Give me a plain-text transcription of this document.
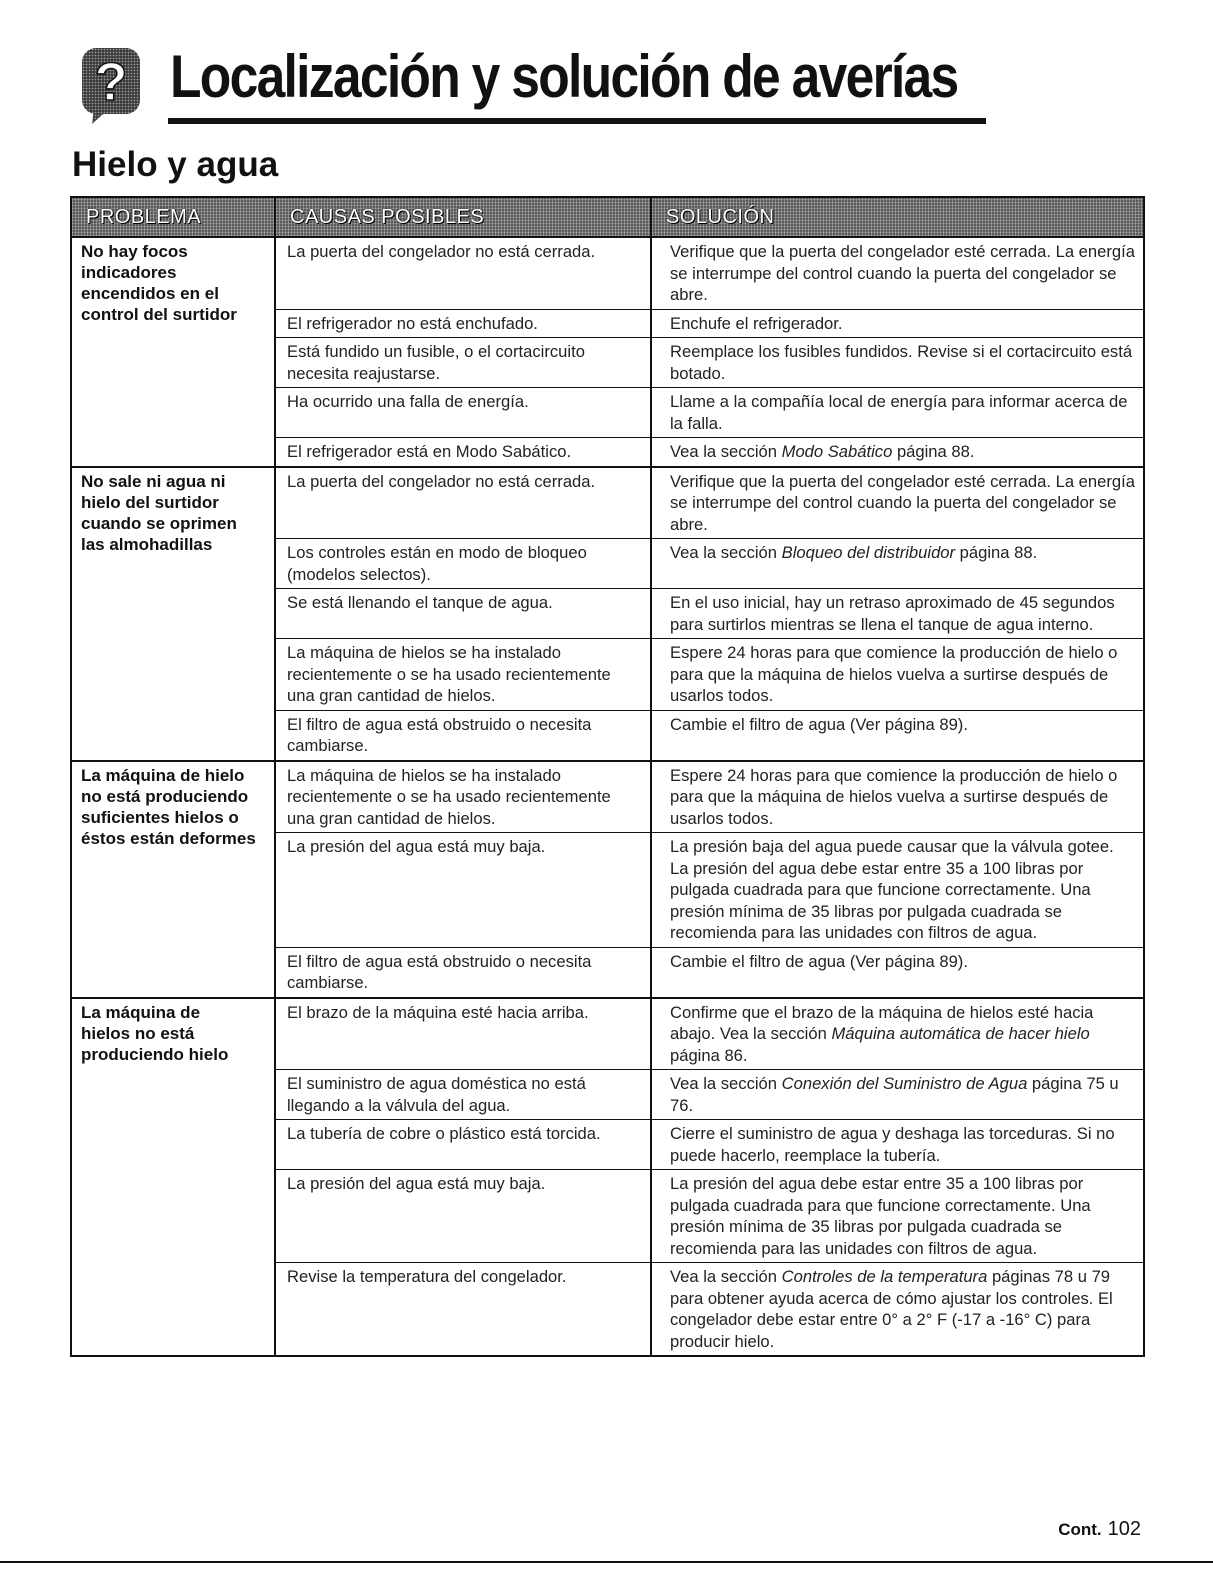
? Localización y solución de averías
Hielo y agua
PROBLEMA	CAUSAS POSIBLES	SOLUCIÓN
No hay focos
indicadores
encendidos en el
control del surtidor	La puerta del congelador no está cerrada.	Verifique que la puerta del congelador esté cerrada. La energía se interrumpe del control cuando la puerta del congelador se abre.
	El refrigerador no está enchufado.	Enchufe el refrigerador.
	Está fundido un fusible, o el cortacircuito necesita reajustarse.	Reemplace los fusibles fundidos. Revise si el cortacircuito está botado.
	Ha ocurrido una falla de energía.	Llame a la compañía local de energía para informar acerca de la falla.
	El refrigerador está en Modo Sabático.	Vea la sección Modo Sabático página 88.
No sale ni agua ni
hielo del surtidor
cuando se oprimen
las almohadillas	La puerta del congelador no está cerrada.	Verifique que la puerta del congelador esté cerrada. La energía se interrumpe del control cuando la puerta del congelador se abre.
	Los controles están en modo de bloqueo (modelos selectos).	Vea la sección Bloqueo del distribuidor página 88.
	Se está llenando el tanque de agua.	En el uso inicial, hay un retraso aproximado de 45 segundos para surtirlos mientras se llena el tanque de agua interno.
	La máquina de hielos se ha instalado recientemente o se ha usado recientemente una gran cantidad de hielos.	Espere 24 horas para que comience la producción de hielo o para que la máquina de hielos vuelva a surtirse después de usarlos todos.
	El filtro de agua está obstruido o necesita cambiarse.	Cambie el filtro de agua (Ver página 89).
La máquina de hielo
no está produciendo
suficientes hielos o
éstos están deformes	La máquina de hielos se ha instalado recientemente o se ha usado recientemente una gran cantidad de hielos.	Espere 24 horas para que comience la producción de hielo o para que la máquina de hielos vuelva a surtirse después de usarlos todos.
	La presión del agua está muy baja.	La presión baja del agua puede causar que la válvula gotee. La presión del agua debe estar entre 35 a 100 libras por pulgada cuadrada para que funcione correctamente. Una presión mínima de 35 libras por pulgada cuadrada se recomienda para las unidades con filtros de agua.
	El filtro de agua está obstruido o necesita cambiarse.	Cambie el filtro de agua (Ver página 89).
La máquina de
hielos no está
produciendo hielo	El brazo de la máquina esté hacia arriba.	Confirme que el brazo de la máquina de hielos esté hacia abajo. Vea la sección Máquina automática de hacer hielo página 86.
	El suministro de agua doméstica no está llegando a la válvula del agua.	Vea la sección Conexión del Suministro de Agua página 75 u 76.
	La tubería de cobre o plástico está torcida.	Cierre el suministro de agua y deshaga las torceduras. Si no puede hacerlo, reemplace la tubería.
	La presión del agua está muy baja.	La presión del agua debe estar entre 35 a 100 libras por pulgada cuadrada para que funcione correctamente. Una presión mínima de 35 libras por pulgada cuadrada se recomienda para las unidades con filtros de agua.
	Revise la temperatura del congelador.	Vea la sección Controles de la temperatura páginas 78 u 79 para obtener ayuda acerca de cómo ajustar los controles. El congelador debe estar entre 0° a 2° F (-17 a -16° C) para producir hielo.
Cont. 102
